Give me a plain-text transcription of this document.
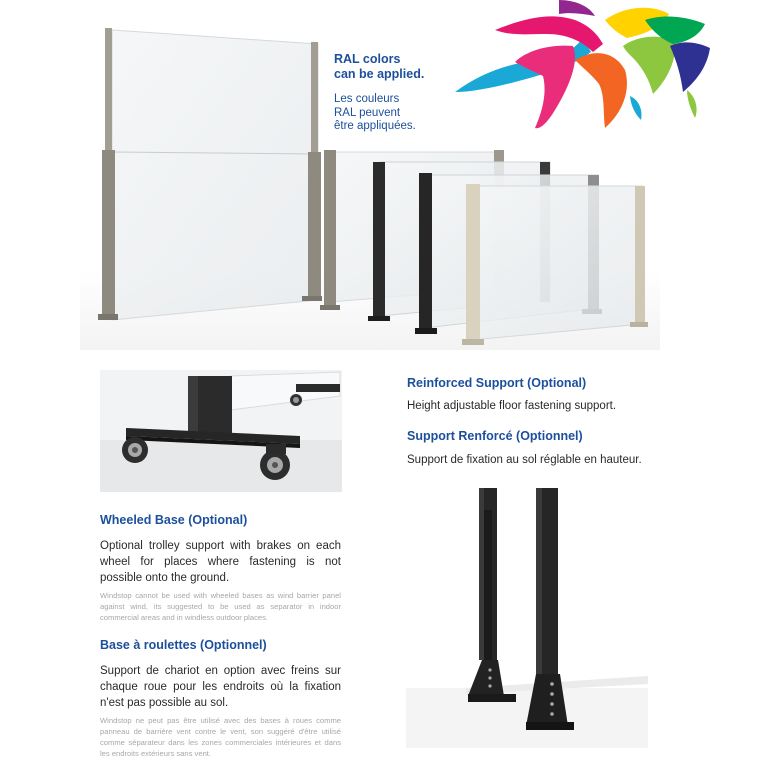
RAL colors
can be applied.
Les couleurs
RAL peuvent
être appliquées.
Reinforced Support (Optional)
Height adjustable floor fastening support.
Support Renforcé (Optionnel)
Support de fixation au sol réglable en hauteur.
Wheeled Base (Optional)
Optional trolley support with brakes on each wheel for places where fastening is not possible onto the ground.
Windstop cannot be used with wheeled bases as wind barrier panel against wind, its suggested to be used as separator in indoor commercial areas and in windless outdoor places.
Base à roulettes (Optionnel)
Support de chariot en option avec freins sur chaque roue pour les endroits où la fixation n'est pas possible au sol.
Windstop ne peut pas être utilisé avec des bases à roues comme panneau de barrière vent contre le vent, son suggéré d'être utilisé comme séparateur dans les zones commerciales intérieures et dans les endroits extérieurs sans vent.
